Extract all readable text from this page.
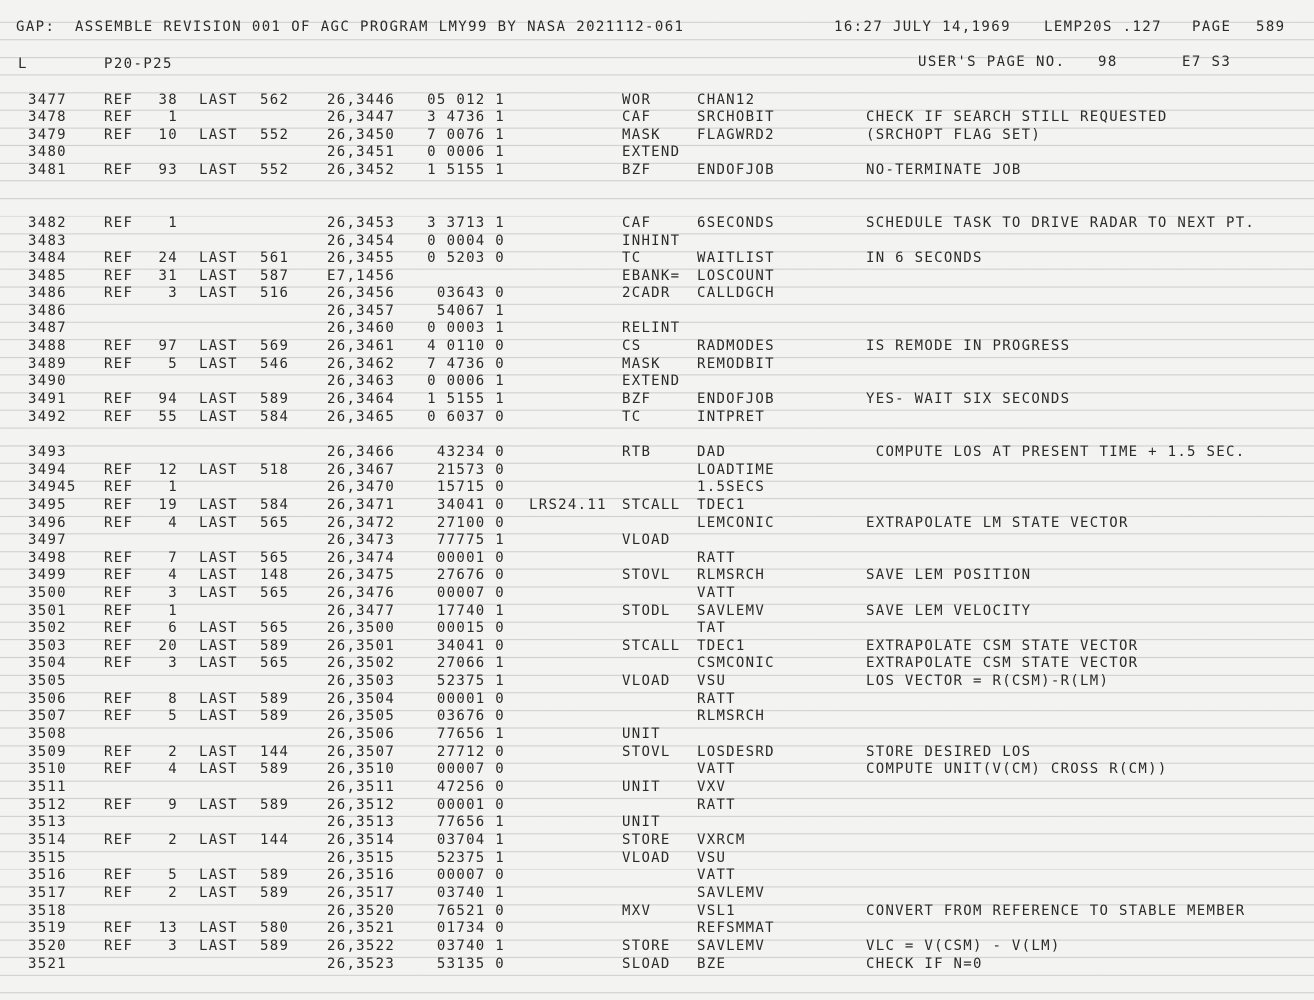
GAP:  ASSEMBLE REVISION 001 OF AGC PROGRAM LMY99 BY NASA 2021112-061	16:27 JULY 14,1969 LEMP20S .127 PAGE 589
L	P20-P25	USER'S PAGE NO. 98	E7 S3
3477	REF	38 LAST 562	26,3446	05 012 1	WOR	CHAN12
3478	REF	1	26,3447	3 4736 1	CAF	SRCHOBIT	CHECK IF SEARCH STILL REQUESTED
3479	REF	10 LAST 552	26,3450	7 0076 1	MASK	FLAGWRD2	(SRCHOPT FLAG SET)
3480	26,3451	0 0006 1	EXTEND
3481	REF	93 LAST 552	26,3452	1 5155 1	BZF	ENDOFJOB	NO-TERMINATE JOB
3482	REF	1	26,3453	3 3713 1	CAF	6SECONDS	SCHEDULE TASK TO DRIVE RADAR TO NEXT PT.
3483	26,3454	0 0004 0	INHINT
3484	REF	24 LAST 561	26,3455	0 5203 0	TC	WAITLIST	IN 6 SECONDS
3485	REF	31 LAST 587	E7,1456	EBANK= LOSCOUNT
3486	REF	3 LAST 516	26,3456	03643 0	2CADR CALLDGCH
3486	26,3457	54067 1
3487	26,3460	0 0003 1	RELINT
3488	REF	97 LAST 569	26,3461	4 0110 0	CS	RADMODES	IS REMODE IN PROGRESS
3489	REF	5 LAST 546	26,3462	7 4736 0	MASK	REMODBIT
3490	26,3463	0 0006 1	EXTEND
3491	REF	94 LAST 589	26,3464	1 5155 1	BZF	ENDOFJOB	YES- WAIT SIX SECONDS
3492	REF	55 LAST 584	26,3465	0 6037 0	TC	INTPRET
3493	26,3466	43234 0	RTB	DAD	COMPUTE LOS AT PRESENT TIME + 1.5 SEC.
3494	REF	12 LAST 518	26,3467	21573 0	LOADTIME
34945 REF	1	26,3470	15715 0	1.5SECS
3495	REF	19 LAST 584	26,3471	34041 0 LRS24.11 STCALL TDEC1
3496	REF	4 LAST 565	26,3472	27100 0	LEMCONIC	EXTRAPOLATE LM STATE VECTOR
3497	26,3473	77775 1	VLOAD
3498	REF	7 LAST 565	26,3474	00001 0	RATT
3499	REF	4 LAST 148	26,3475	27676 0	STOVL RLMSRCH	SAVE LEM POSITION
3500	REF	3 LAST 565	26,3476	00007 0	VATT
3501	REF	1	26,3477	17740 1	STODL SAVLEMV	SAVE LEM VELOCITY
3502	REF	6 LAST 565	26,3500	00015 0	TAT
3503	REF	20 LAST 589	26,3501	34041 0	STCALL TDEC1	EXTRAPOLATE CSM STATE VECTOR
3504	REF	3 LAST 565	26,3502	27066 1	CSMCONIC	EXTRAPOLATE CSM STATE VECTOR
3505	26,3503	52375 1	VLOAD VSU	LOS VECTOR = R(CSM)-R(LM)
3506	REF	8 LAST 589	26,3504	00001 0	RATT
3507	REF	5 LAST 589	26,3505	03676 0	RLMSRCH
3508	26,3506	77656 1	UNIT
3509	REF	2 LAST 144	26,3507	27712 0	STOVL LOSDESRD	STORE DESIRED LOS
3510	REF	4 LAST 589	26,3510	00007 0	VATT	COMPUTE UNIT(V(CM) CROSS R(CM))
3511	26,3511	47256 0	UNIT	VXV
3512	REF	9 LAST 589	26,3512	00001 0	RATT
3513	26,3513	77656 1	UNIT
3514	REF	2 LAST 144	26,3514	03704 1	STORE VXRCM
3515	26,3515	52375 1	VLOAD VSU
3516	REF	5 LAST 589	26,3516	00007 0	VATT
3517	REF	2 LAST 589	26,3517	03740 1	SAVLEMV
3518	26,3520	76521 0	MXV	VSL1	CONVERT FROM REFERENCE TO STABLE MEMBER
3519	REF	13 LAST 580	26,3521	01734 0	REFSMMAT
3520	REF	3 LAST 589	26,3522	03740 1	STORE SAVLEMV	VLC = V(CSM) - V(LM)
3521	26,3523	53135 0	SLOAD BZE	CHECK IF N=0
